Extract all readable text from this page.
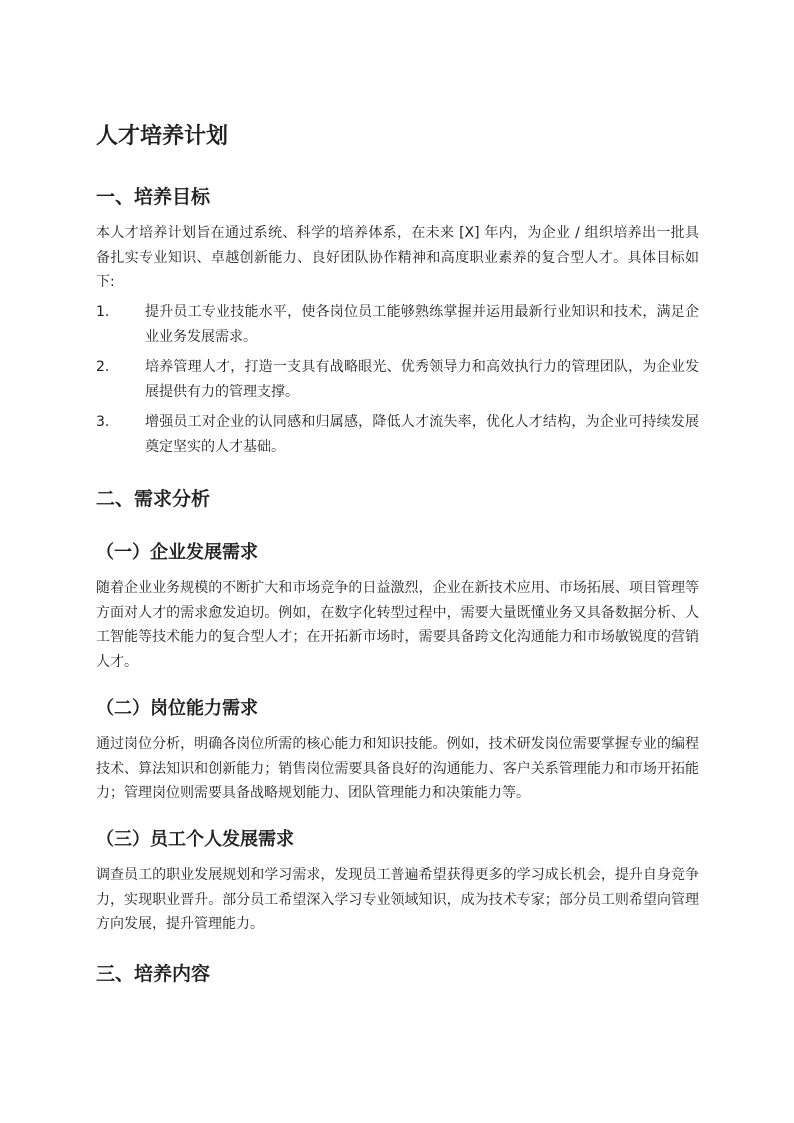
人才培养计划
一、培养目标

本人才培养计划旨在通过系统、科学的培养体系，在未来 [X] 年内，为企业 / 组织培养出一批具备扎实专业知识、卓越创新能力、良好团队协作精神和高度职业素养的复合型人才。具体目标如下:

1.	提升员工专业技能水平，使各岗位员工能够熟练掌握并运用最新行业知识和技术，满足企业业务发展需求。
2.	培养管理人才，打造一支具有战略眼光、优秀领导力和高效执行力的管理团队，为企业发展提供有力的管理支撑。
3.	增强员工对企业的认同感和归属感，降低人才流失率，优化人才结构，为企业可持续发展奠定坚实的人才基础。
二、需求分析
（一）企业发展需求

随着企业业务规模的不断扩大和市场竞争的日益激烈，企业在新技术应用、市场拓展、项目管理等方面对人才的需求愈发迫切。例如，在数字化转型过程中，需要大量既懂业务又具备数据分析、人工智能等技术能力的复合型人才；在开拓新市场时，需要具备跨文化沟通能力和市场敏锐度的营销人才。

（二）岗位能力需求

通过岗位分析，明确各岗位所需的核心能力和知识技能。例如，技术研发岗位需要掌握专业的编程技术、算法知识和创新能力；销售岗位需要具备良好的沟通能力、客户关系管理能力和市场开拓能力；管理岗位则需要具备战略规划能力、团队管理能力和决策能力等。

（三）员工个人发展需求

调查员工的职业发展规划和学习需求，发现员工普遍希望获得更多的学习成长机会，提升自身竞争力，实现职业晋升。部分员工希望深入学习专业领域知识，成为技术专家；部分员工则希望向管理方向发展，提升管理能力。

三、培养内容
